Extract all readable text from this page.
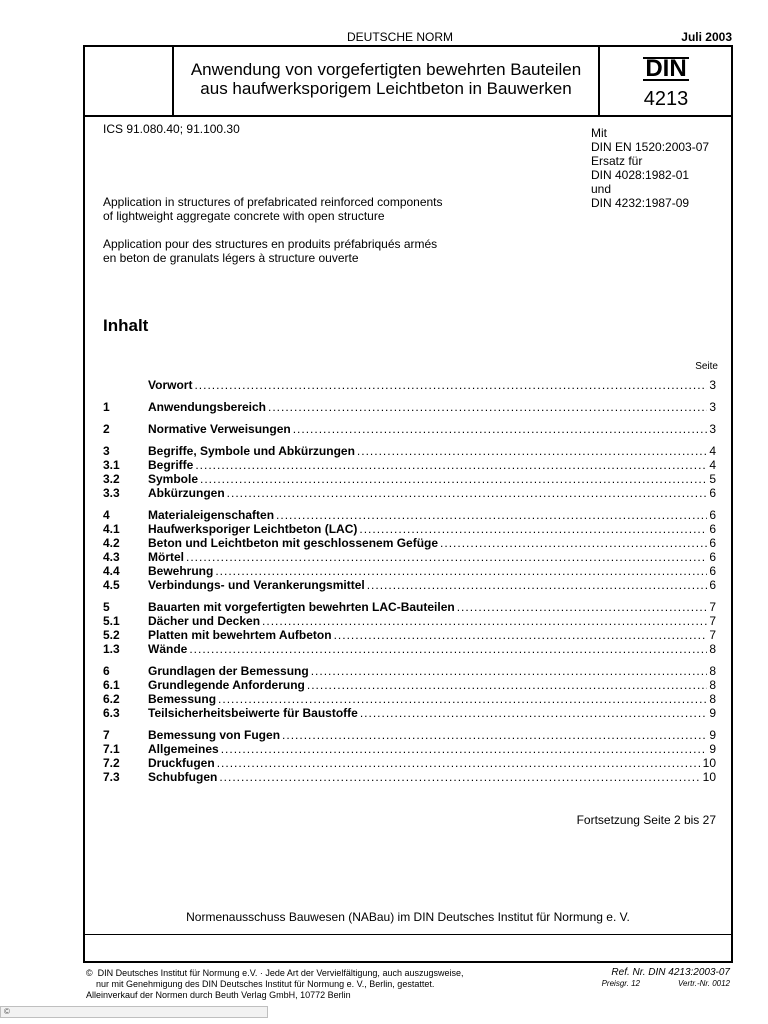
DEUTSCHE NORM	Juli 2003
Anwendung von vorgefertigten bewehrten Bauteilen
aus haufwerksporigem Leichtbeton in Bauwerken
DIN
4213
ICS 91.080.40; 91.100.30	Mit
DIN EN 1520:2003-07
Ersatz für
DIN 4028:1982-01
und
DIN 4232:1987-09
Application in structures of prefabricated reinforced components
of lightweight aggregate concrete with open structure
Application pour des structures en produits préfabriqués armés
en beton de granulats légers à structure ouverte
Inhalt
Seite
Vorwort .....	3
1	Anwendungsbereich .....	3
2	Normative Verweisungen .....	3
3	Begriffe, Symbole und Abkürzungen .....	4
3.1	Begriffe .....	4
3.2	Symbole .....	5
3.3	Abkürzungen .....	6
4	Materialeigenschaften .....	6
4.1	Haufwerksporiger Leichtbeton (LAC) .....	6
4.2	Beton und Leichtbeton mit geschlossenem Gefüge .....	6
4.3	Mörtel .....	6
4.4	Bewehrung .....	6
4.5	Verbindungs- und Verankerungsmittel .....	6
5	Bauarten mit vorgefertigten bewehrten LAC-Bauteilen .....	7
5.1	Dächer und Decken .....	7
5.2	Platten mit bewehrtem Aufbeton .....	7
1.3	Wände .....	8
6	Grundlagen der Bemessung .....	8
6.1	Grundlegende Anforderung .....	8
6.2	Bemessung .....	8
6.3	Teilsicherheitsbeiwerte für Baustoffe .....	9
7	Bemessung von Fugen .....	9
7.1	Allgemeines .....	9
7.2	Druckfugen .....	10
7.3	Schubfugen .....	10
Fortsetzung Seite 2 bis 27
Normenausschuss Bauwesen (NABau) im DIN Deutsches Institut für Normung e. V.
©  DIN Deutsches Institut für Normung e.V. · Jede Art der Vervielfältigung, auch auszugsweise,
nur mit Genehmigung des DIN Deutsches Institut für Normung e. V., Berlin, gestattet.
Alleinverkauf der Normen durch Beuth Verlag GmbH, 10772 Berlin
Ref. Nr. DIN 4213:2003-07
Preisgr. 12	Vertr.-Nr. 0012
©
